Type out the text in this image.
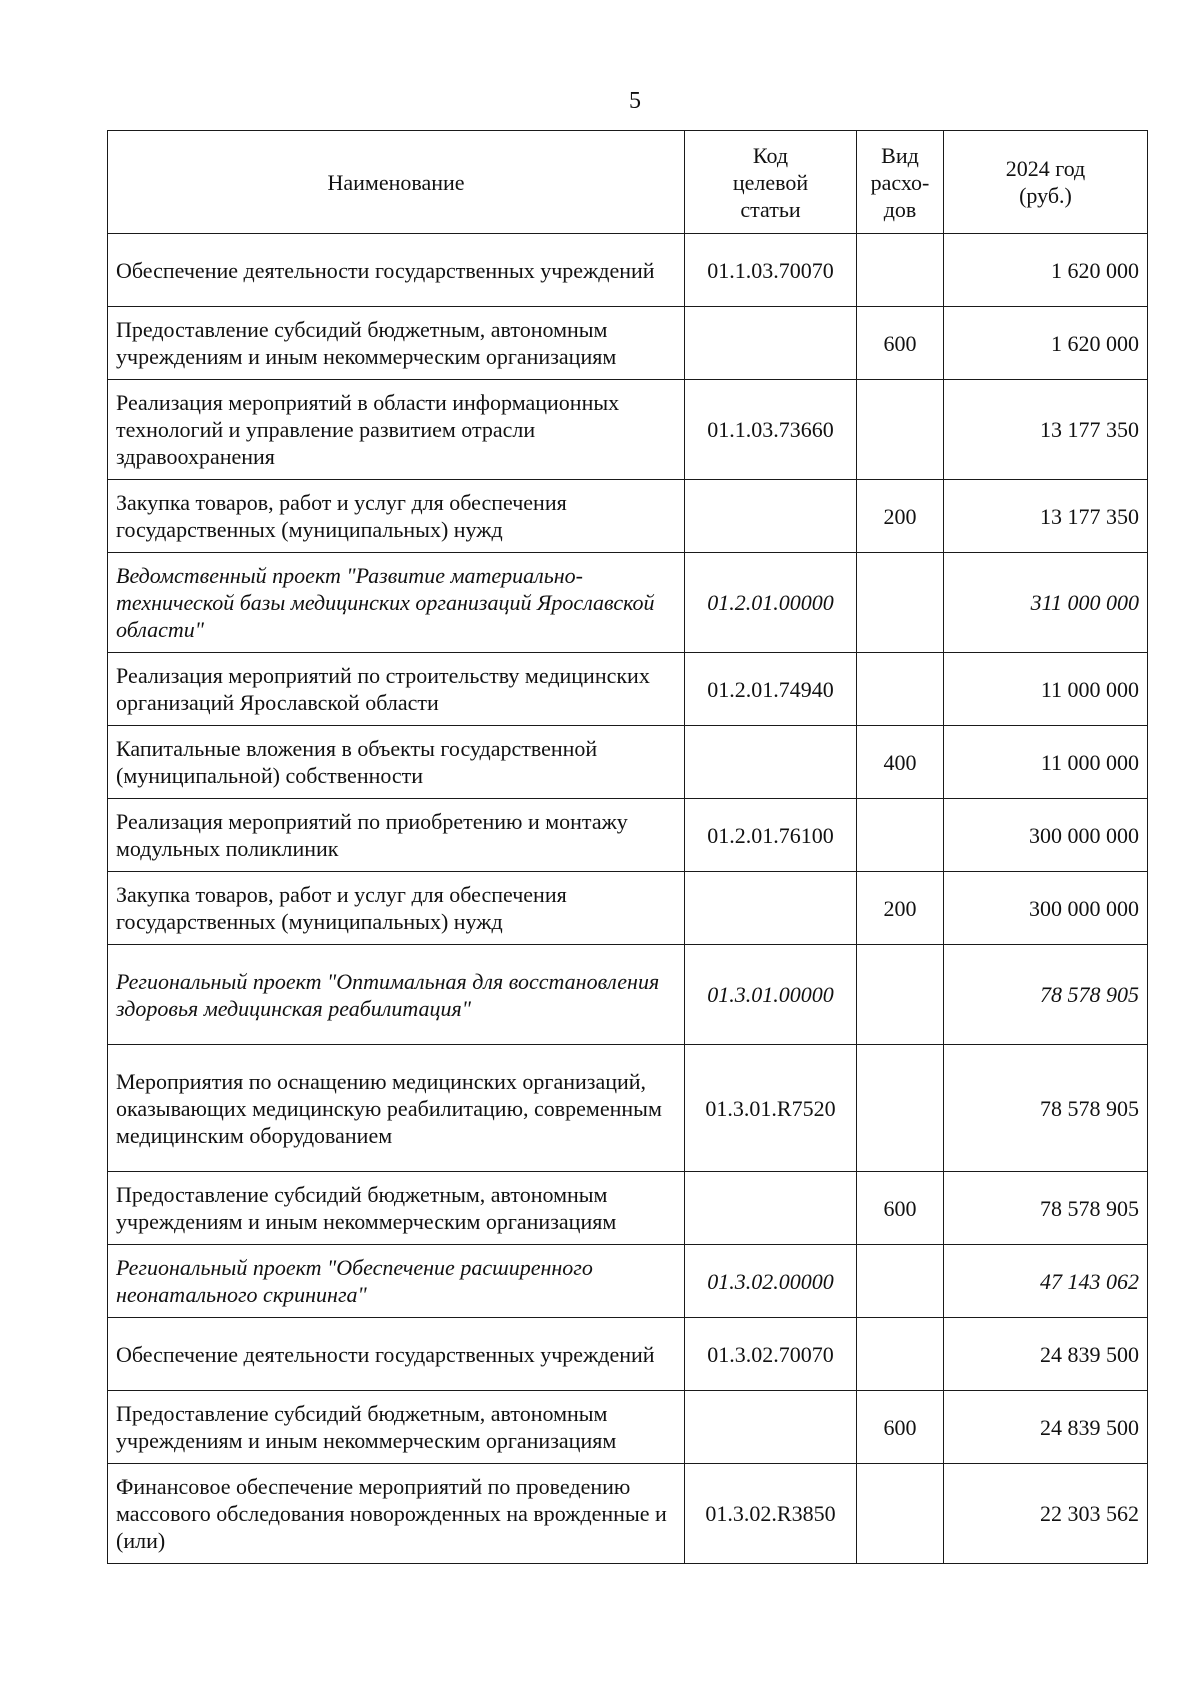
5
Наименование	Код целевой статьи	Вид расхо-дов	2024 год (руб.)
Обеспечение деятельности государственных учреждений	01.1.03.70070		1 620 000
Предоставление субсидий бюджетным, автономным учреждениям и иным некоммерческим организациям		600	1 620 000
Реализация мероприятий в области информационных технологий и управление развитием отрасли здравоохранения	01.1.03.73660		13 177 350
Закупка товаров, работ и услуг для обеспечения государственных (муниципальных) нужд		200	13 177 350
Ведомственный проект "Развитие материально-технической базы медицинских организаций Ярославской области"	01.2.01.00000		311 000 000
Реализация мероприятий по строительству медицинских организаций Ярославской области	01.2.01.74940		11 000 000
Капитальные вложения в объекты государственной (муниципальной) собственности		400	11 000 000
Реализация мероприятий по приобретению и монтажу модульных поликлиник	01.2.01.76100		300 000 000
Закупка товаров, работ и услуг для обеспечения государственных (муниципальных) нужд		200	300 000 000
Региональный проект "Оптимальная для восстановления здоровья медицинская реабилитация"	01.3.01.00000		78 578 905
Мероприятия по оснащению медицинских организаций, оказывающих медицинскую реабилитацию, современным медицинским оборудованием	01.3.01.R7520		78 578 905
Предоставление субсидий бюджетным, автономным учреждениям и иным некоммерческим организациям		600	78 578 905
Региональный проект "Обеспечение расширенного неонатального скрининга"	01.3.02.00000		47 143 062
Обеспечение деятельности государственных учреждений	01.3.02.70070		24 839 500
Предоставление субсидий бюджетным, автономным учреждениям и иным некоммерческим организациям		600	24 839 500
Финансовое обеспечение мероприятий по проведению массового обследования новорожденных на врожденные и (или)	01.3.02.R3850		22 303 562
